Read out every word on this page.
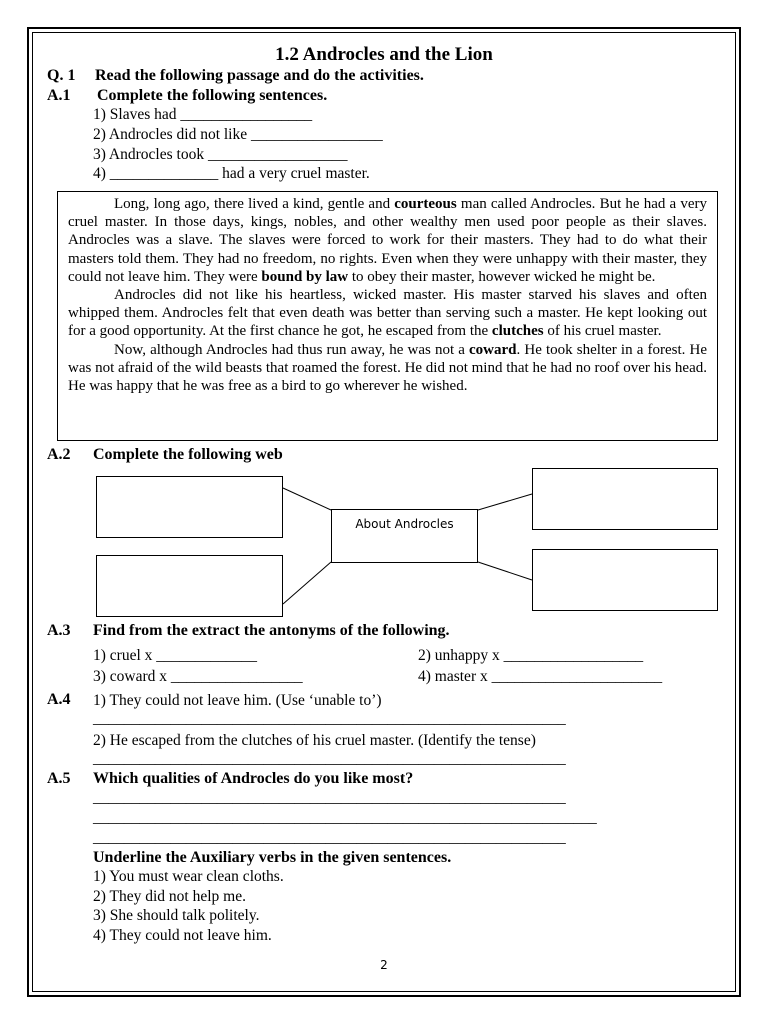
1.2 Androcles and the Lion
Q. 1 Read the following passage and do the activities.
A.1 Complete the following sentences.
1) Slaves had _________________
2) Androcles did not like _________________
3) Androcles took __________________
4) ______________ had a very cruel master.

Long, long ago, there lived a kind, gentle and courteous man called Androcles. But he had a very cruel master. In those days, kings, nobles, and other wealthy men used poor people as their slaves. Androcles was a slave. The slaves were forced to work for their masters. They had to do what their masters told them. They had no freedom, no rights. Even when they were unhappy with their master, they could not leave him. They were bound by law to obey their master, however wicked he might be.

Androcles did not like his heartless, wicked master. His master starved his slaves and often whipped them. Androcles felt that even death was better than serving such a master. He kept looking out for a good opportunity. At the first chance he got, he escaped from the clutches of his cruel master.

Now, although Androcles had thus run away, he was not a coward. He took shelter in a forest. He was not afraid of the wild beasts that roamed the forest. He did not mind that he had no roof over his head. He was happy that he was free as a bird to go wherever he wished.

A.2 Complete the following web
About Androcles
A.3 Find from the extract the antonyms of the following.
1) cruel x _____________	2) unhappy x __________________
3) coward x _________________	4) master x ______________________
A.4 1) They could not leave him. (Use ‘unable to’)
_____________________________________________________________
2) He escaped from the clutches of his cruel master. (Identify the tense)
_____________________________________________________________
A.5 Which qualities of Androcles do you like most?
_____________________________________________________________
_________________________________________________________________
_____________________________________________________________
Underline the Auxiliary verbs in the given sentences.
1) You must wear clean cloths.
2) They did not help me.
3) She should talk politely.
4) They could not leave him.
2
